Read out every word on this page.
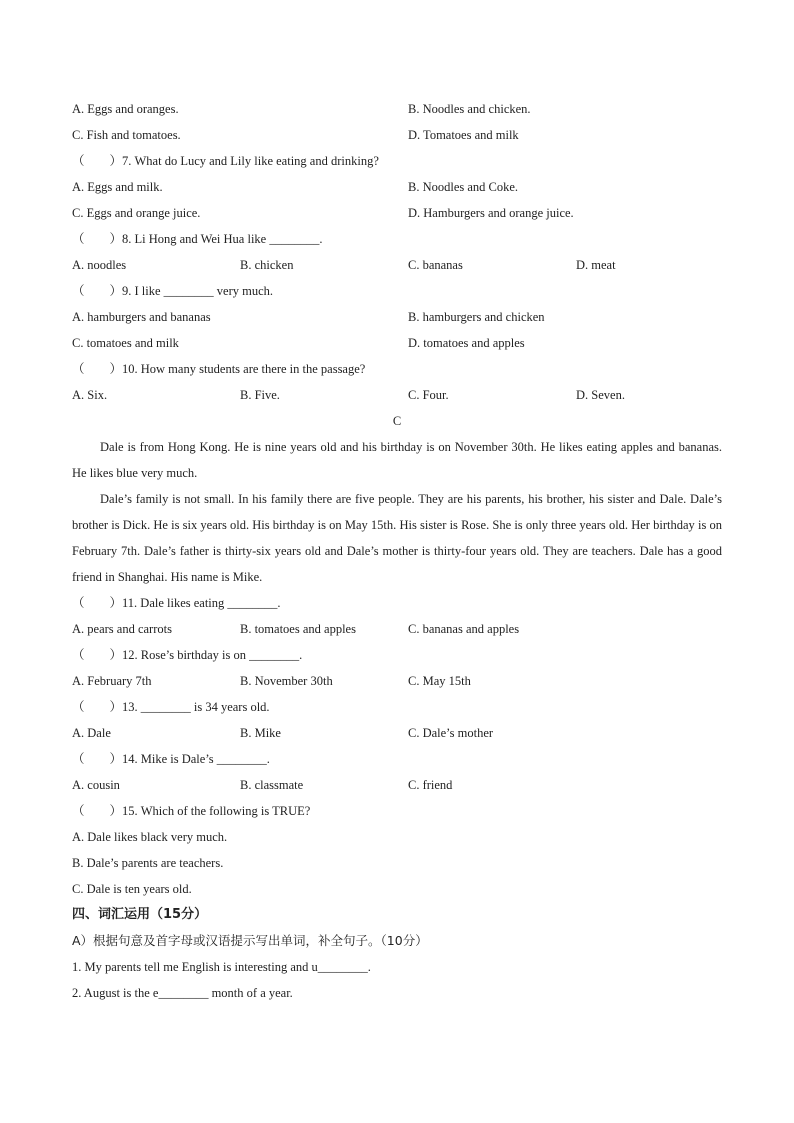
A. Eggs and oranges.	B. Noodles and chicken.
C. Fish and tomatoes.	D. Tomatoes and milk
（　　）7. What do Lucy and Lily like eating and drinking?
A. Eggs and milk.	B. Noodles and Coke.
C. Eggs and orange juice.	D. Hamburgers and orange juice.
（　　）8. Li Hong and Wei Hua like ________.
A. noodles	B. chicken	C. bananas	D. meat
（　　）9. I like ________ very much.
A. hamburgers and bananas	B. hamburgers and chicken
C. tomatoes and milk	D. tomatoes and apples
（　　）10. How many students are there in the passage?
A. Six.	B. Five.	C. Four.	D. Seven.
C
Dale is from Hong Kong. He is nine years old and his birthday is on November 30th. He likes eating apples and bananas. He likes blue very much.
Dale’s family is not small. In his family there are five people. They are his parents, his brother, his sister and Dale. Dale’s brother is Dick. He is six years old. His birthday is on May 15th. His sister is Rose. She is only three years old. Her birthday is on February 7th. Dale’s father is thirty-six years old and Dale’s mother is thirty-four years old. They are teachers. Dale has a good friend in Shanghai. His name is Mike.
（　　）11. Dale likes eating ________.
A. pears and carrots	B. tomatoes and apples	C. bananas and apples
（　　）12. Rose’s birthday is on ________.
A. February 7th	B. November 30th	C. May 15th
（　　）13. ________ is 34 years old.
A. Dale	B. Mike	C. Dale’s mother
（　　）14. Mike is Dale’s ________.
A. cousin	B. classmate	C. friend
（　　）15. Which of the following is TRUE?
A. Dale likes black very much.
B. Dale’s parents are teachers.
C. Dale is ten years old.
四、词汇运用（15分）
A）根据句意及首字母或汉语提示写出单词，补全句子。（10分）
1. My parents tell me English is interesting and u________.
2. August is the e________ month of a year.
